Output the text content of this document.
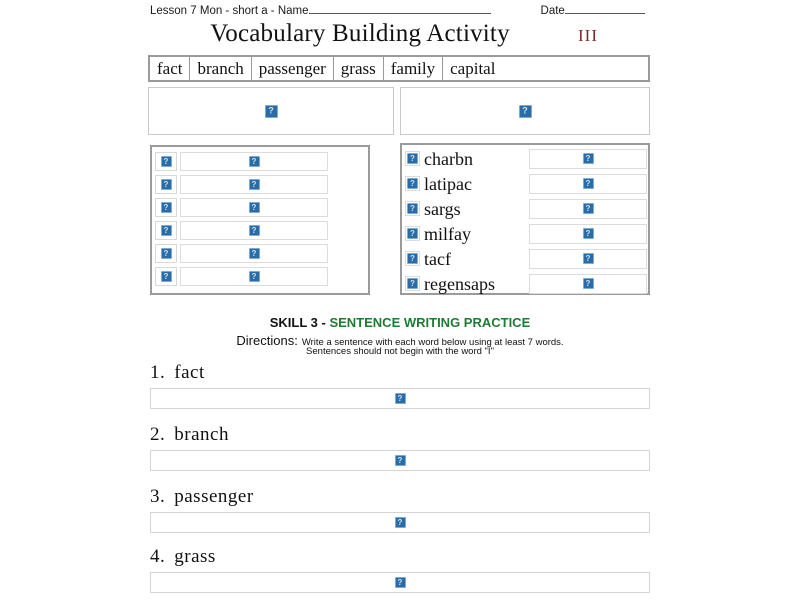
Lesson 7 Mon - short a - Name	Date
Vocabulary Building Activity	III
fact branch passenger grass family capital
?
?
?
?
?
?
?
?
?
?
?
?
?
?
?
charbn
?
?
latipac
?
?
sargs
?
?
milfay
?
?
tacf
?
?
regensaps
?
SKILL 3 - SENTENCE WRITING PRACTICE
Directions: Write a sentence with each word below using at least 7 words.
Sentences should not begin with the word "I"
1. fact
?
2. branch
?
3. passenger
?
4. grass
?
